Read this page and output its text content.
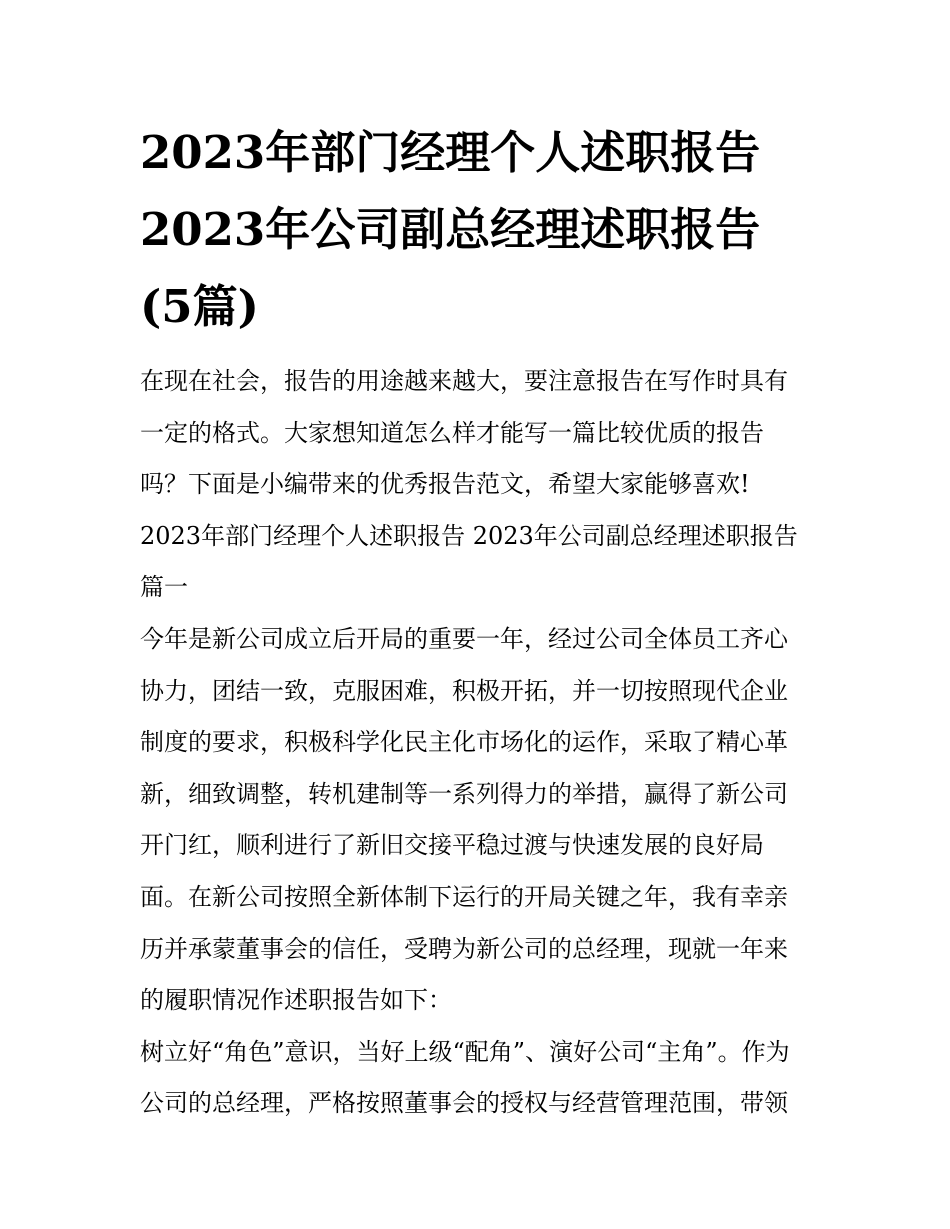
2023年部门经理个人述职报告
2023年公司副总经理述职报告
(5篇)
在现在社会，报告的用途越来越大，要注意报告在写作时具有
一定的格式。大家想知道怎么样才能写一篇比较优质的报告
吗？下面是小编带来的优秀报告范文，希望大家能够喜欢!
2023年部门经理个人述职报告 2023年公司副总经理述职报告
篇一
今年是新公司成立后开局的重要一年，经过公司全体员工齐心
协力，团结一致，克服困难，积极开拓，并一切按照现代企业
制度的要求，积极科学化民主化市场化的运作，采取了精心革
新，细致调整，转机建制等一系列得力的举措，赢得了新公司
开门红，顺利进行了新旧交接平稳过渡与快速发展的良好局
面。在新公司按照全新体制下运行的开局关键之年，我有幸亲
历并承蒙董事会的信任，受聘为新公司的总经理，现就一年来
的履职情况作述职报告如下：
树立好“角色”意识，当好上级“配角”、演好公司“主角”。作为
公司的总经理，严格按照董事会的授权与经营管理范围，带领
